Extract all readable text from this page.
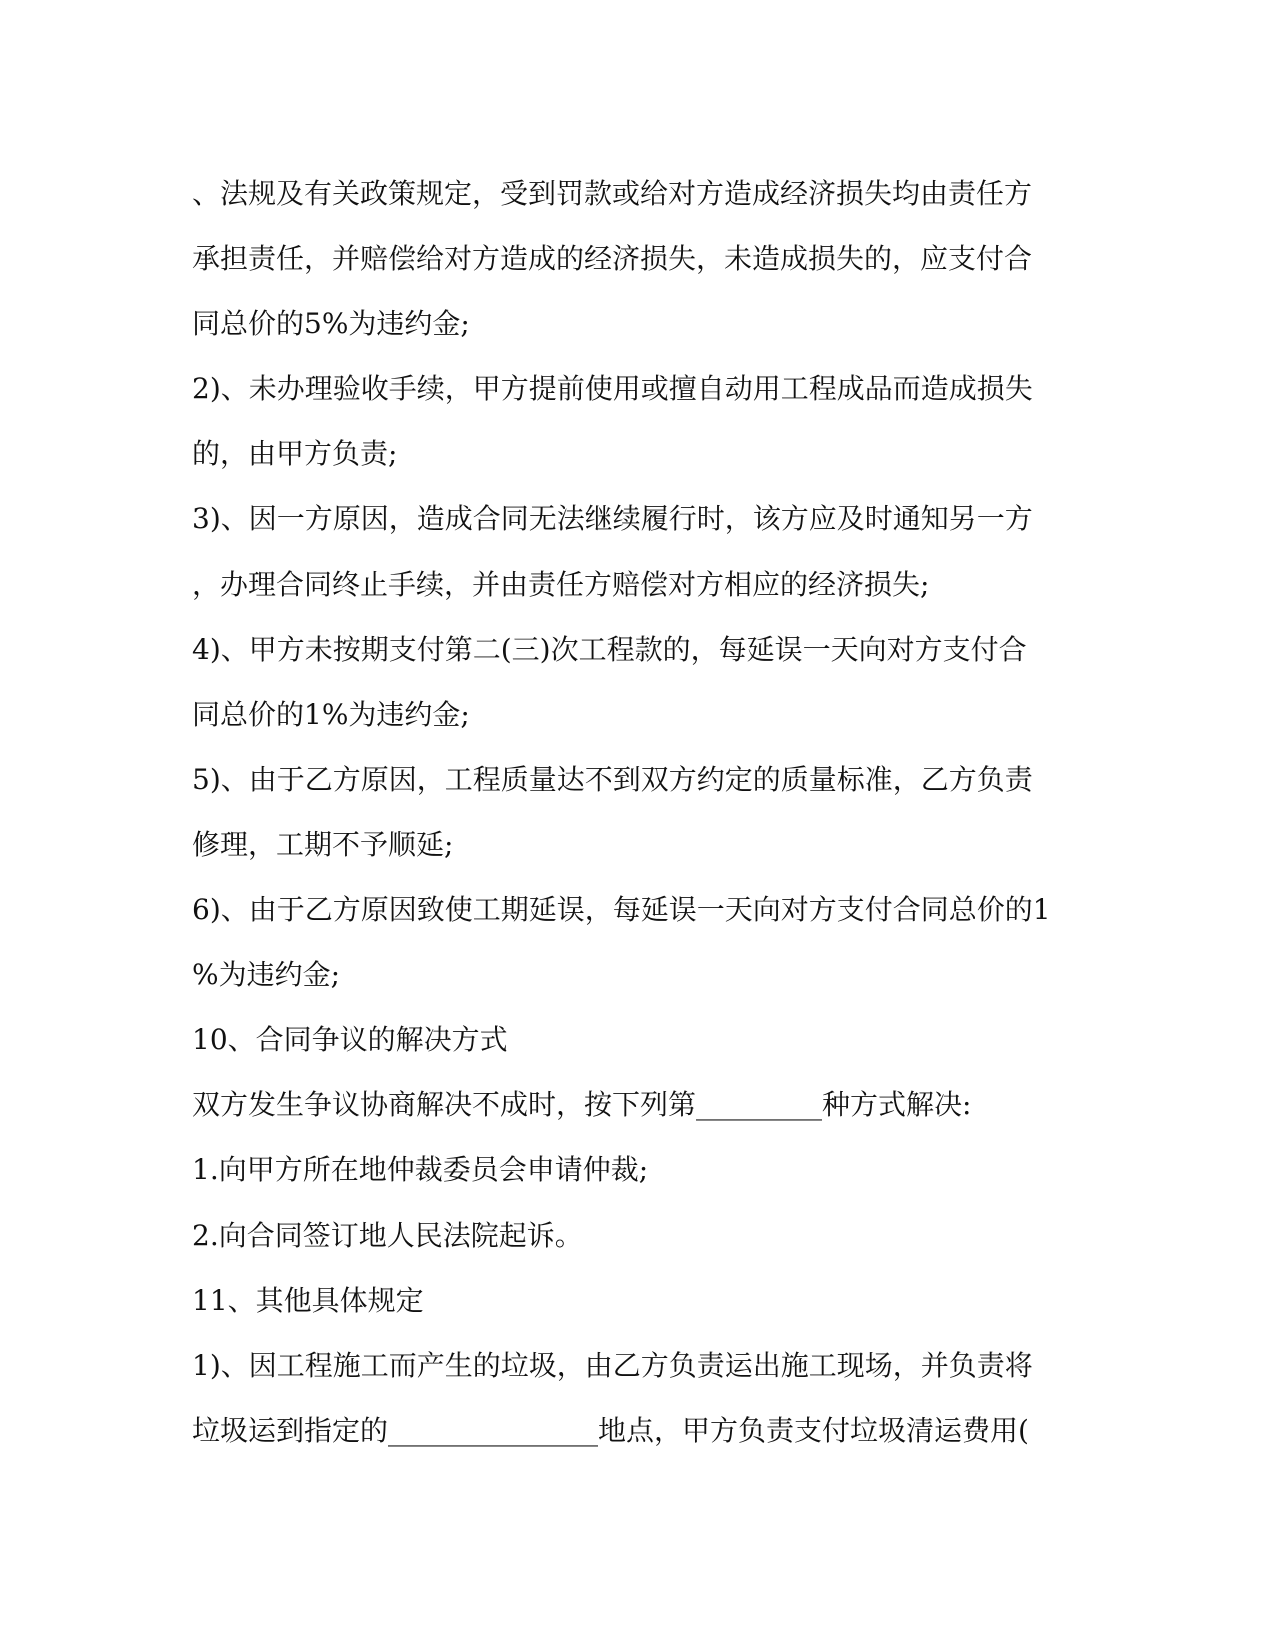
、法规及有关政策规定，受到罚款或给对方造成经济损失均由责任方
承担责任，并赔偿给对方造成的经济损失，未造成损失的，应支付合
同总价的5%为违约金;
2)、未办理验收手续，甲方提前使用或擅自动用工程成品而造成损失
的，由甲方负责;
3)、因一方原因，造成合同无法继续履行时，该方应及时通知另一方
，办理合同终止手续，并由责任方赔偿对方相应的经济损失;
4)、甲方未按期支付第二(三)次工程款的，每延误一天向对方支付合
同总价的1%为违约金;
5)、由于乙方原因，工程质量达不到双方约定的质量标准，乙方负责
修理，工期不予顺延;
6)、由于乙方原因致使工期延误，每延误一天向对方支付合同总价的1
%为违约金;
10、合同争议的解决方式
双方发生争议协商解决不成时，按下列第_________种方式解决:
1.向甲方所在地仲裁委员会申请仲裁;
2.向合同签订地人民法院起诉。
11、其他具体规定
1)、因工程施工而产生的垃圾，由乙方负责运出施工现场，并负责将
垃圾运到指定的_______________地点，甲方负责支付垃圾清运费用(
